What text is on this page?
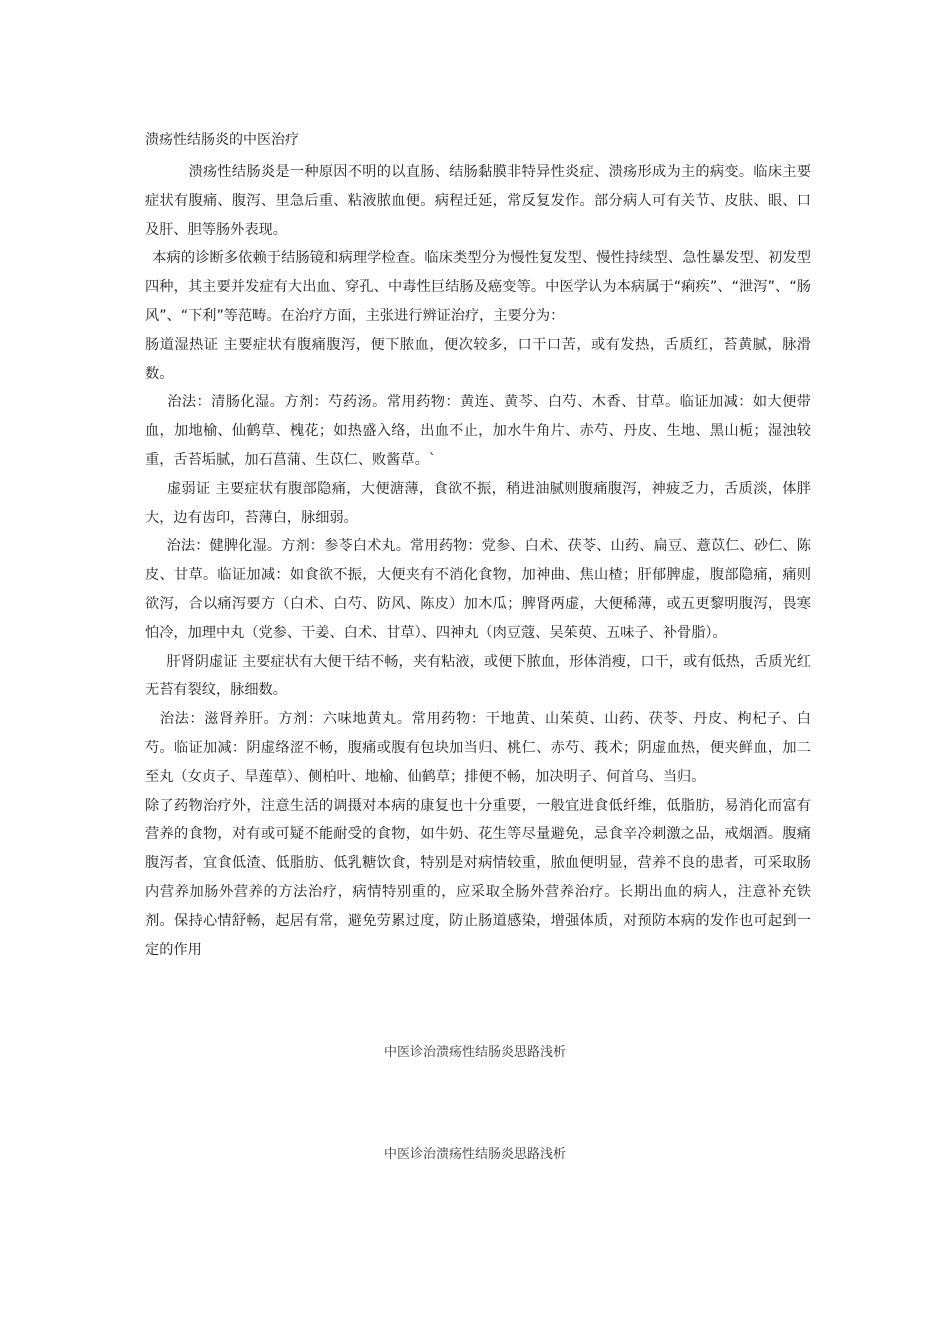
溃疡性结肠炎的中医治疗

　　　溃疡性结肠炎是一种原因不明的以直肠、结肠黏膜非特异性炎症、溃疡形成为主的病变。临床主要症状有腹痛、腹泻、里急后重、粘液脓血便。病程迁延，常反复发作。部分病人可有关节、皮肤、眼、口及肝、胆等肠外表现。

 本病的诊断多依赖于结肠镜和病理学检查。临床类型分为慢性复发型、慢性持续型、急性暴发型、初发型四种，其主要并发症有大出血、穿孔、中毒性巨结肠及癌变等。中医学认为本病属于“痢疾”、“泄泻”、“肠风”、“下利”等范畴。在治疗方面，主张进行辨证治疗，主要分为：

肠道湿热证 主要症状有腹痛腹泻，便下脓血，便次较多，口干口苦，或有发热，舌质红，苔黄腻，脉滑数。

　 治法：清肠化湿。方剂：芍药汤。常用药物：黄连、黄芩、白芍、木香、甘草。临证加减：如大便带血，加地榆、仙鹤草、槐花；如热盛入络，出血不止，加水牛角片、赤芍、丹皮、生地、黑山栀；湿浊较重，舌苔垢腻，加石菖蒲、生苡仁、败酱草。`

　 虚弱证 主要症状有腹部隐痛，大便溏薄，食欲不振，稍进油腻则腹痛腹泻，神疲乏力，舌质淡，体胖大，边有齿印，苔薄白，脉细弱。

　 治法：健脾化湿。方剂：参苓白术丸。常用药物：党参、白术、茯苓、山药、扁豆、薏苡仁、砂仁、陈皮、甘草。临证加减：如食欲不振，大便夹有不消化食物，加神曲、焦山楂；肝郁脾虚，腹部隐痛，痛则欲泻，合以痛泻要方（白术、白芍、防风、陈皮）加木瓜；脾肾两虚，大便稀薄，或五更黎明腹泻，畏寒怕冷，加理中丸（党参、干姜、白术、甘草）、四神丸（肉豆蔻、吴茱萸、五味子、补骨脂）。

　 肝肾阴虚证 主要症状有大便干结不畅，夹有粘液，或便下脓血，形体消瘦，口干，或有低热，舌质光红无苔有裂纹，脉细数。

  治法：滋肾养肝。方剂：六味地黄丸。常用药物：干地黄、山茱萸、山药、茯苓、丹皮、枸杞子、白芍。临证加减：阴虚络涩不畅，腹痛或腹有包块加当归、桃仁、赤芍、莪术；阴虚血热，便夹鲜血，加二至丸（女贞子、旱莲草）、侧柏叶、地榆、仙鹤草；排便不畅，加决明子、何首乌、当归。

除了药物治疗外，注意生活的调摄对本病的康复也十分重要，一般宜进食低纤维，低脂肪，易消化而富有营养的食物，对有或可疑不能耐受的食物，如牛奶、花生等尽量避免，忌食辛冷刺激之品，戒烟酒。腹痛腹泻者，宜食低渣、低脂肪、低乳糖饮食，特别是对病情较重，脓血便明显，营养不良的患者，可采取肠内营养加肠外营养的方法治疗，病情特别重的，应采取全肠外营养治疗。长期出血的病人，注意补充铁剂。保持心情舒畅，起居有常，避免劳累过度，防止肠道感染，增强体质，对预防本病的发作也可起到一定的作用

中医诊治溃疡性结肠炎思路浅析
中医诊治溃疡性结肠炎思路浅析
